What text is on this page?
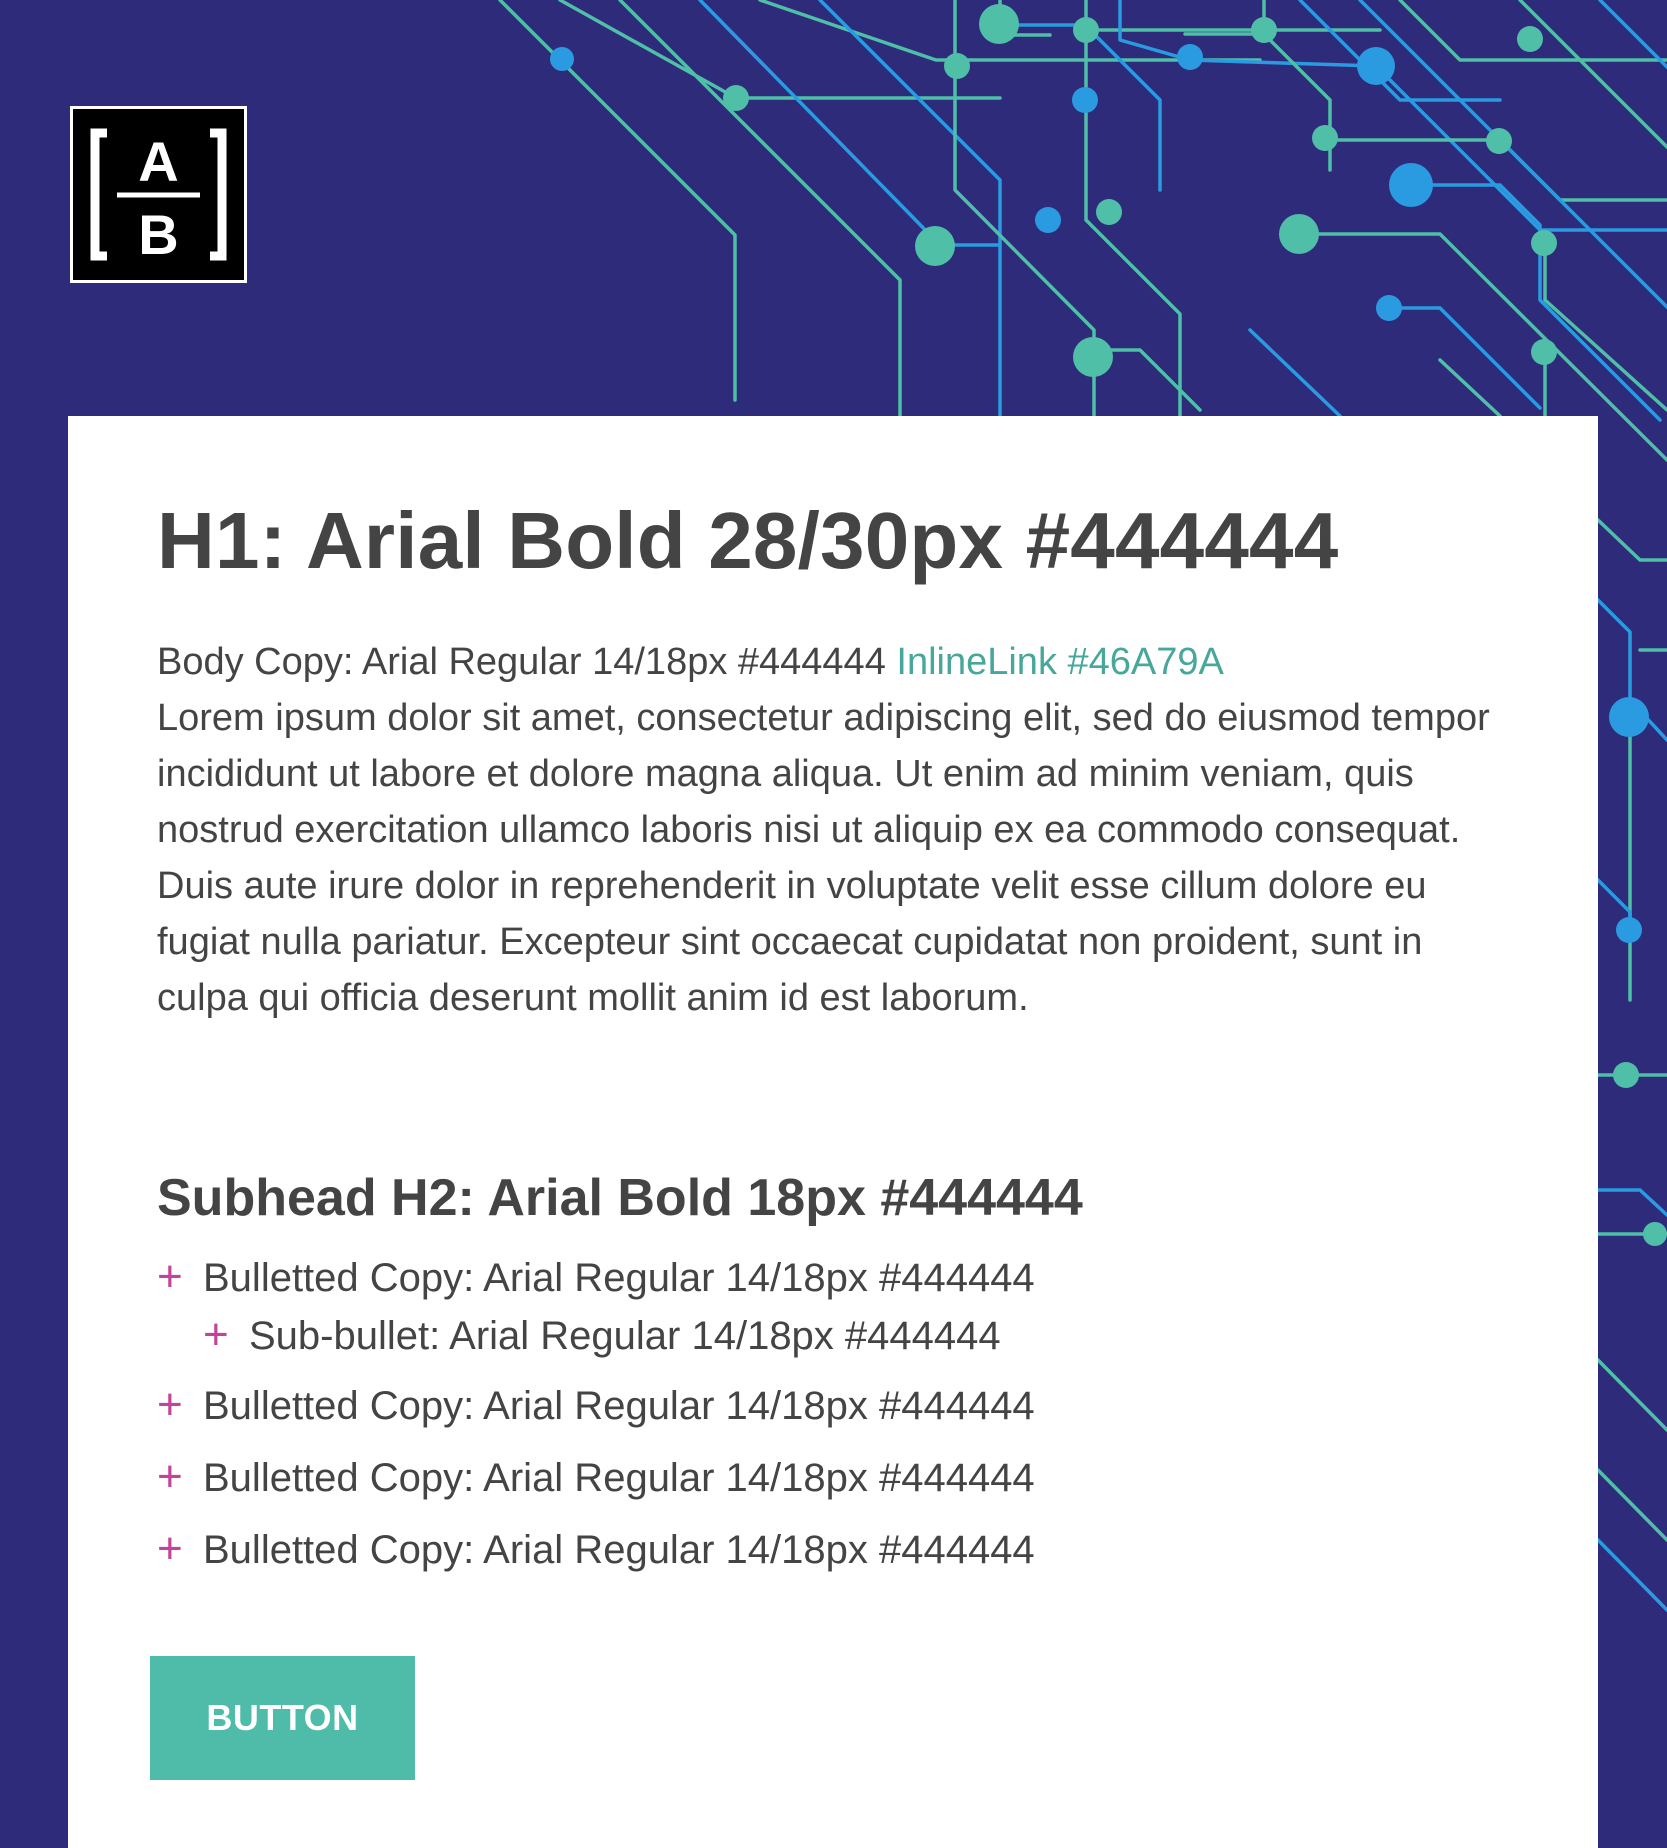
A
B
H1: Arial Bold 28/30px #444444

Body Copy: Arial Regular 14/18px #444444 InlineLink #46A79A
Lorem ipsum dolor sit amet, consectetur adipiscing elit, sed do eiusmod tempor incididunt ut labore et dolore magna aliqua. Ut enim ad minim veniam, quis nostrud exercitation ullamco laboris nisi ut aliquip ex ea commodo consequat. Duis aute irure dolor in reprehenderit in voluptate velit esse cillum dolore eu fugiat nulla pariatur. Excepteur sint occaecat cupidatat non proident, sunt in culpa qui officia deserunt mollit anim id est laborum.

Subhead H2: Arial Bold 18px #444444
+ Bulletted Copy: Arial Regular 14/18px #444444
+ Sub-bullet: Arial Regular 14/18px #444444
+ Bulletted Copy: Arial Regular 14/18px #444444
+ Bulletted Copy: Arial Regular 14/18px #444444
+ Bulletted Copy: Arial Regular 14/18px #444444
BUTTON
